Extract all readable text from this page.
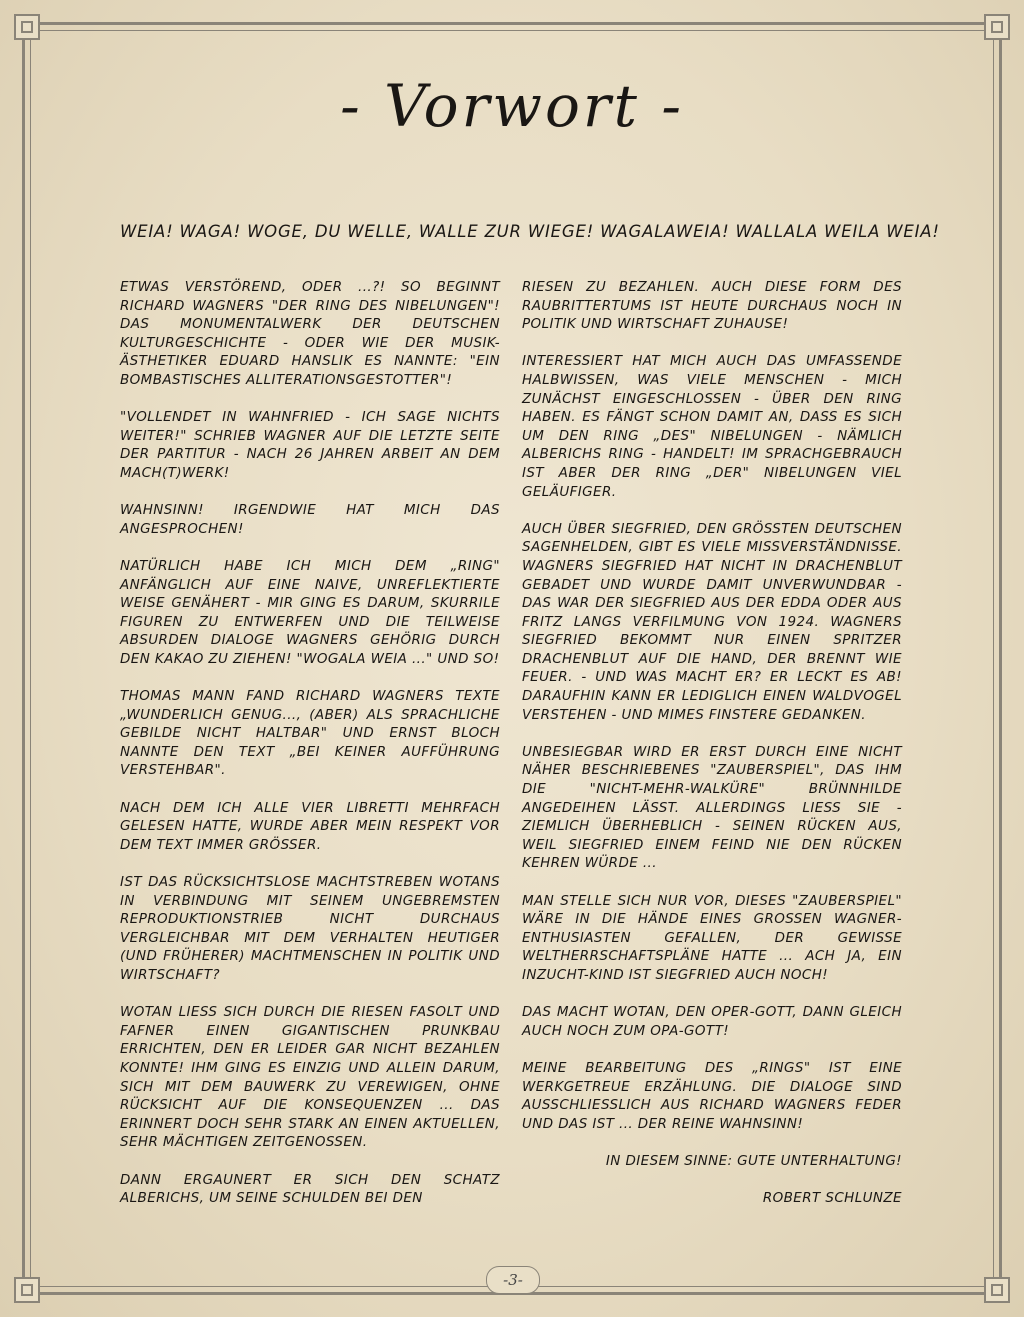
- Vorwort -
WEIA! WAGA! WOGE, DU WELLE, WALLE ZUR WIEGE! WAGALAWEIA! WALLALA WEILA WEIA!

ETWAS VERSTÖREND, ODER ...?! SO BEGINNT RICHARD WAGNERS "DER RING DES NIBELUNGEN"! DAS MONUMENTALWERK DER DEUTSCHEN KULTURGESCHICHTE - ODER WIE DER MUSIK-ÄSTHETIKER EDUARD HANSLIK ES NANNTE: "EIN BOMBASTISCHES ALLITERATIONSGESTOTTER"!

"VOLLENDET IN WAHNFRIED - ICH SAGE NICHTS WEITER!" SCHRIEB WAGNER AUF DIE LETZTE SEITE DER PARTITUR - NACH 26 JAHREN ARBEIT AN DEM MACH(T)WERK!

WAHNSINN! IRGENDWIE HAT MICH DAS ANGESPROCHEN!

NATÜRLICH HABE ICH MICH DEM „RING" ANFÄNGLICH AUF EINE NAIVE, UNREFLEKTIERTE WEISE GENÄHERT - MIR GING ES DARUM, SKURRILE FIGUREN ZU ENTWERFEN UND DIE TEILWEISE ABSURDEN DIALOGE WAGNERS GEHÖRIG DURCH DEN KAKAO ZU ZIEHEN! "WOGALA WEIA ..." UND SO!

THOMAS MANN FAND RICHARD WAGNERS TEXTE „WUNDERLICH GENUG..., (ABER) ALS SPRACHLICHE GEBILDE NICHT HALTBAR" UND ERNST BLOCH NANNTE DEN TEXT „BEI KEINER AUFFÜHRUNG VERSTEHBAR".

NACH DEM ICH ALLE VIER LIBRETTI MEHRFACH GELESEN HATTE, WURDE ABER MEIN RESPEKT VOR DEM TEXT IMMER GRÖSSER.

IST DAS RÜCKSICHTSLOSE MACHTSTREBEN WOTANS IN VERBINDUNG MIT SEINEM UNGEBREMSTEN REPRODUKTIONSTRIEB NICHT DURCHAUS VERGLEICHBAR MIT DEM VERHALTEN HEUTIGER (UND FRÜHERER) MACHTMENSCHEN IN POLITIK UND WIRTSCHAFT?

WOTAN LIESS SICH DURCH DIE RIESEN FASOLT UND FAFNER EINEN GIGANTISCHEN PRUNKBAU ERRICHTEN, DEN ER LEIDER GAR NICHT BEZAHLEN KONNTE! IHM GING ES EINZIG UND ALLEIN DARUM, SICH MIT DEM BAUWERK ZU VEREWIGEN, OHNE RÜCKSICHT AUF DIE KONSEQUENZEN ... DAS ERINNERT DOCH SEHR STARK AN EINEN AKTUELLEN, SEHR MÄCHTIGEN ZEITGENOSSEN.

DANN ERGAUNERT ER SICH DEN SCHATZ ALBERICHS, UM SEINE SCHULDEN BEI DEN

RIESEN ZU BEZAHLEN. AUCH DIESE FORM DES RAUBRITTERTUMS IST HEUTE DURCHAUS NOCH IN POLITIK UND WIRTSCHAFT ZUHAUSE!

INTERESSIERT HAT MICH AUCH DAS UMFASSENDE HALBWISSEN, WAS VIELE MENSCHEN - MICH ZUNÄCHST EINGESCHLOSSEN - ÜBER DEN RING HABEN. ES FÄNGT SCHON DAMIT AN, DASS ES SICH UM DEN RING „DES" NIBELUNGEN - NÄMLICH ALBERICHS RING - HANDELT! IM SPRACHGEBRAUCH IST ABER DER RING „DER" NIBELUNGEN VIEL GELÄUFIGER.

AUCH ÜBER SIEGFRIED, DEN GRÖSSTEN DEUTSCHEN SAGENHELDEN, GIBT ES VIELE MISSVERSTÄNDNISSE. WAGNERS SIEGFRIED HAT NICHT IN DRACHENBLUT GEBADET UND WURDE DAMIT UNVERWUNDBAR - DAS WAR DER SIEGFRIED AUS DER EDDA ODER AUS FRITZ LANGS VERFILMUNG VON 1924. WAGNERS SIEGFRIED BEKOMMT NUR EINEN SPRITZER DRACHENBLUT AUF DIE HAND, DER BRENNT WIE FEUER. - UND WAS MACHT ER? ER LECKT ES AB! DARAUFHIN KANN ER LEDIGLICH EINEN WALDVOGEL VERSTEHEN - UND MIMES FINSTERE GEDANKEN.

UNBESIEGBAR WIRD ER ERST DURCH EINE NICHT NÄHER BESCHRIEBENES "ZAUBERSPIEL", DAS IHM DIE "NICHT-MEHR-WALKÜRE" BRÜNNHILDE ANGEDEIHEN LÄSST. ALLERDINGS LIESS SIE - ZIEMLICH ÜBERHEBLICH - SEINEN RÜCKEN AUS, WEIL SIEGFRIED EINEM FEIND NIE DEN RÜCKEN KEHREN WÜRDE ...

MAN STELLE SICH NUR VOR, DIESES "ZAUBERSPIEL" WÄRE IN DIE HÄNDE EINES GROSSEN WAGNER-ENTHUSIASTEN GEFALLEN, DER GEWISSE WELTHERRSCHAFTSPLÄNE HATTE ... ACH JA, EIN INZUCHT-KIND IST SIEGFRIED AUCH NOCH!

DAS MACHT WOTAN, DEN OPER-GOTT, DANN GLEICH AUCH NOCH ZUM OPA-GOTT!

MEINE BEARBEITUNG DES „RINGS" IST EINE WERKGETREUE ERZÄHLUNG. DIE DIALOGE SIND AUSSCHLIESSLICH AUS RICHARD WAGNERS FEDER UND DAS IST ... DER REINE WAHNSINN!

IN DIESEM SINNE: GUTE UNTERHALTUNG!

ROBERT SCHLUNZE

-3-
